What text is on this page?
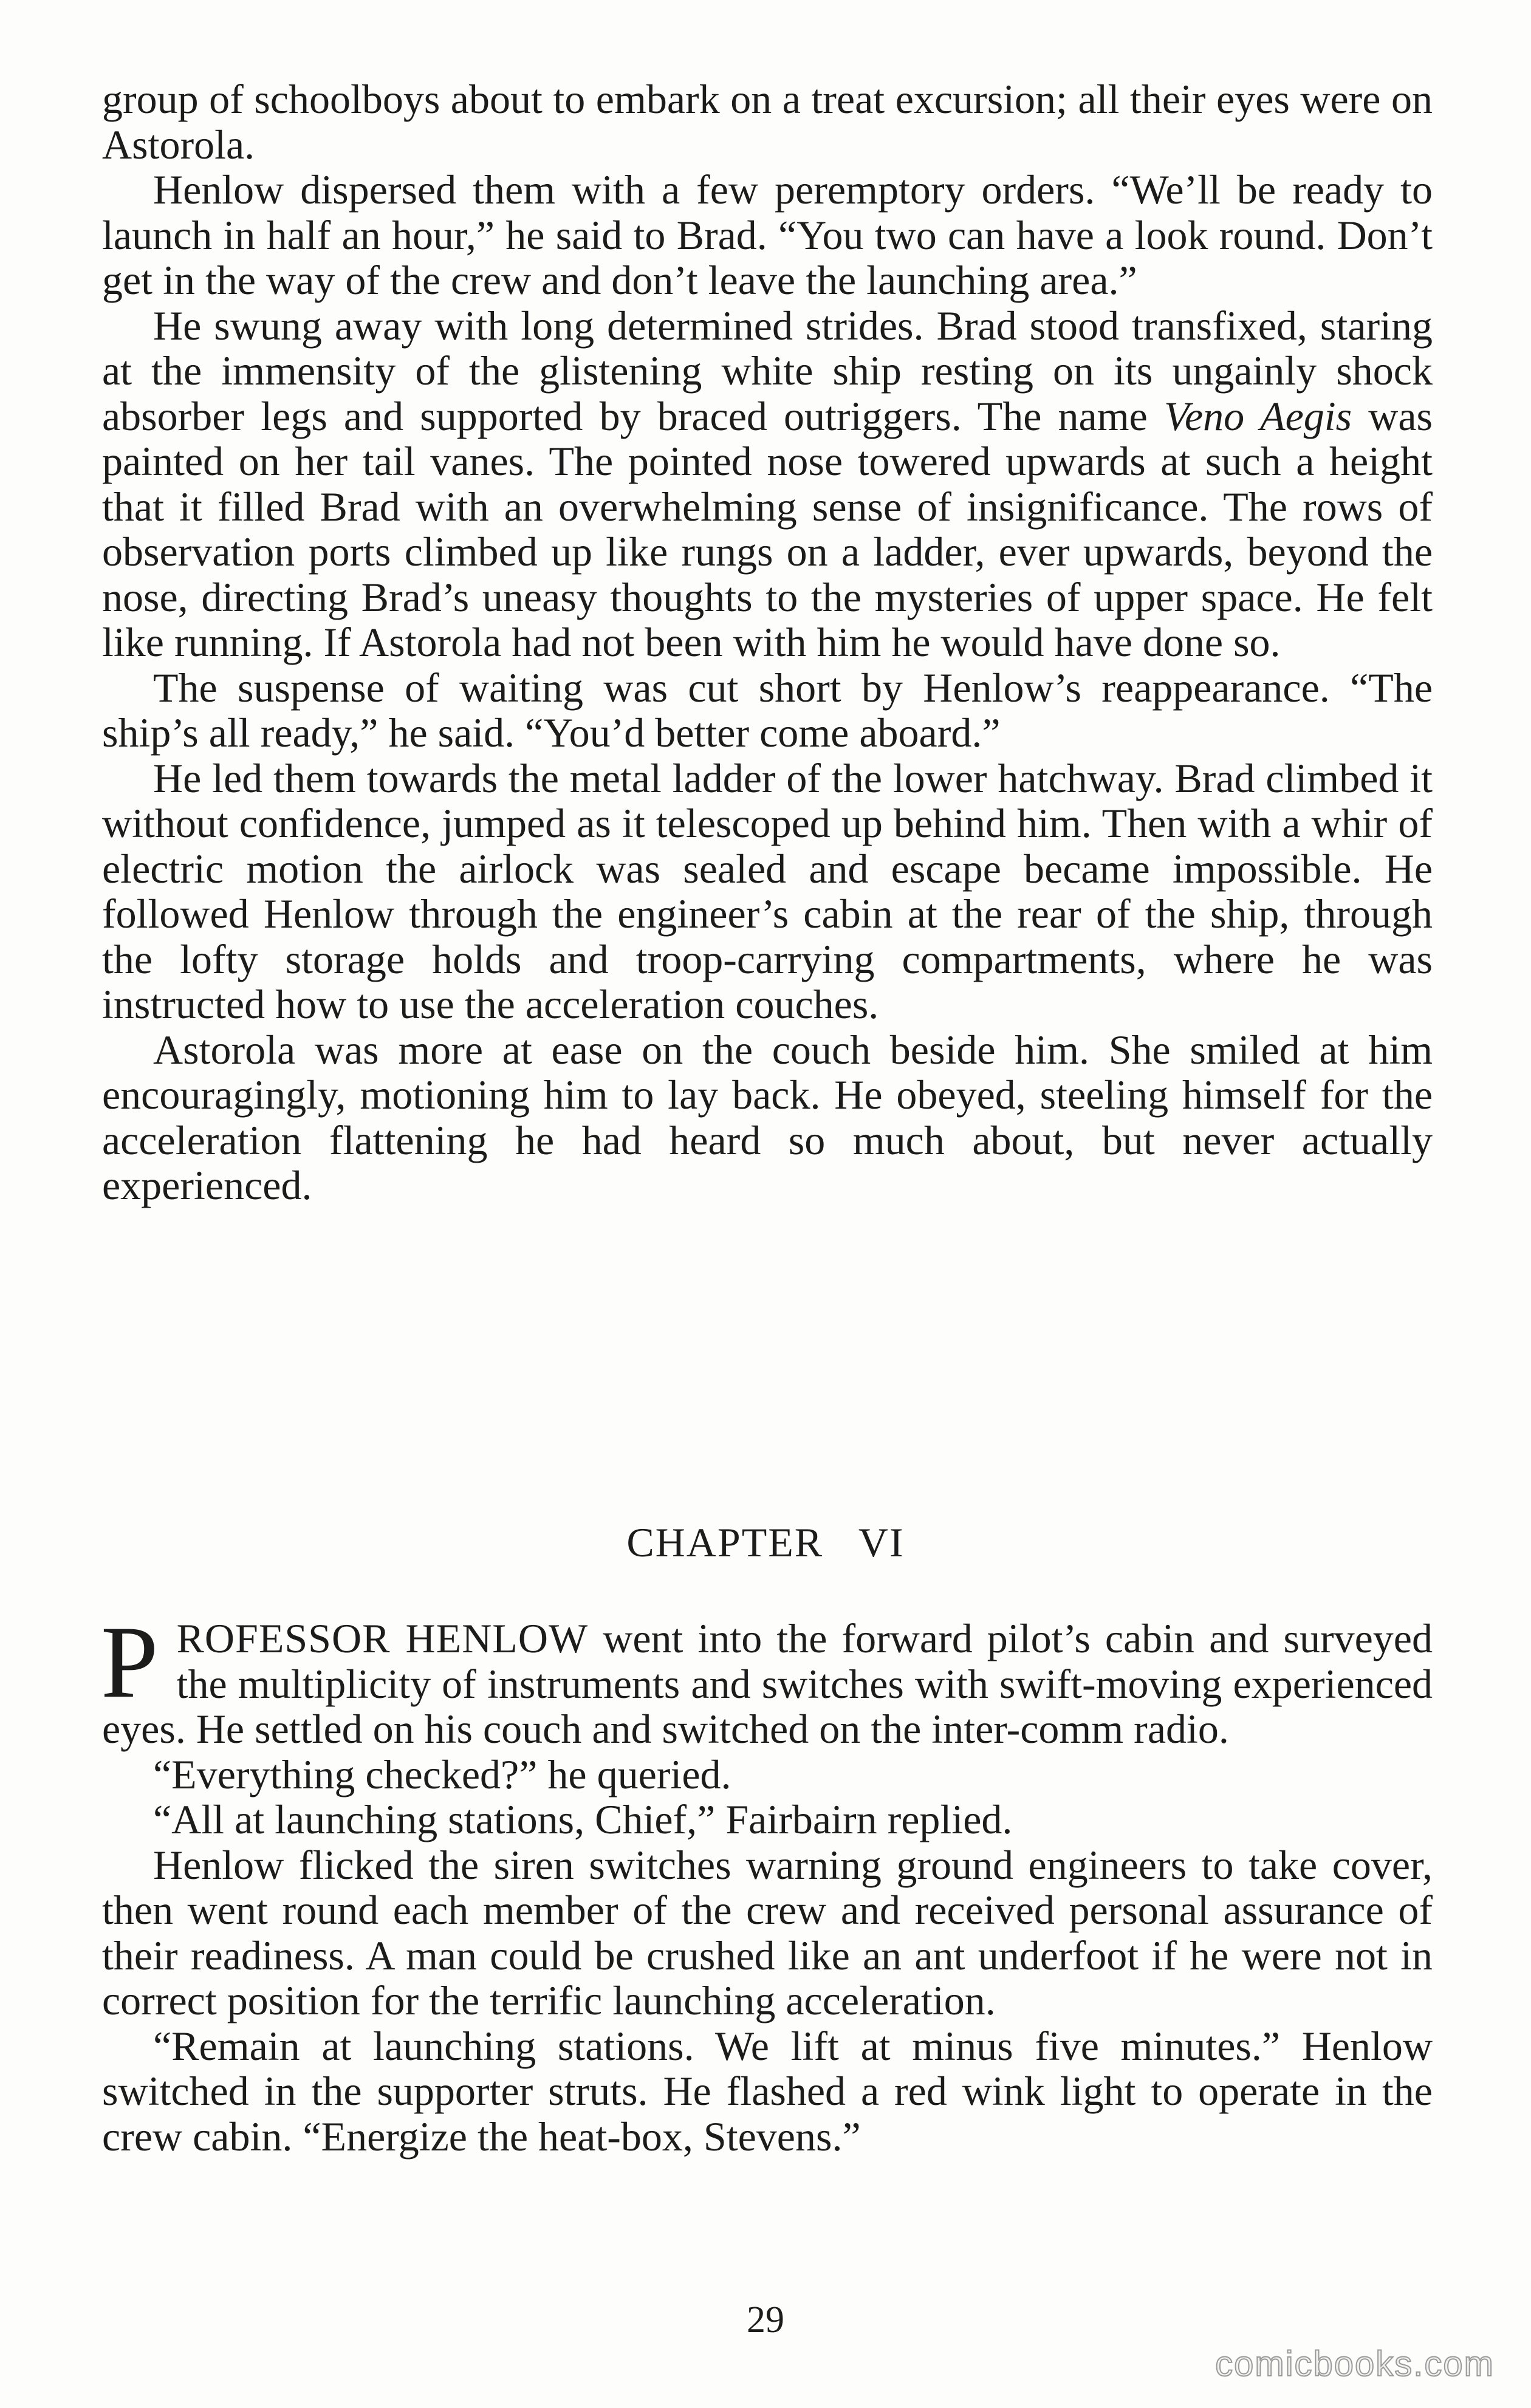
group of schoolboys about to embark on a treat excursion; all their eyes were on Astorola.

Henlow dispersed them with a few peremptory orders. “We’ll be ready to launch in half an hour,” he said to Brad. “You two can have a look round. Don’t get in the way of the crew and don’t leave the launching area.”

He swung away with long determined strides. Brad stood transfixed, staring at the immensity of the glistening white ship resting on its ungainly shock absorber legs and supported by braced outriggers. The name Veno Aegis was painted on her tail vanes. The pointed nose towered upwards at such a height that it filled Brad with an overwhelming sense of insignificance. The rows of observation ports climbed up like rungs on a ladder, ever upwards, beyond the nose, directing Brad’s uneasy thoughts to the mysteries of upper space. He felt like running. If Astorola had not been with him he would have done so.

The suspense of waiting was cut short by Henlow’s reappearance. “The ship’s all ready,” he said. “You’d better come aboard.”

He led them towards the metal ladder of the lower hatchway. Brad climbed it without confidence, jumped as it telescoped up behind him. Then with a whir of electric motion the airlock was sealed and escape became impossible. He followed Henlow through the engineer’s cabin at the rear of the ship, through the lofty storage holds and troop-carrying compartments, where he was instructed how to use the acceleration couches.

Astorola was more at ease on the couch beside him. She smiled at him encouragingly, motioning him to lay back. He obeyed, steeling himself for the acceleration flattening he had heard so much about, but never actually experienced.

CHAPTER VI

PROFESSOR HENLOW went into the forward pilot’s cabin and surveyed the multiplicity of instruments and switches with swift-moving experienced eyes. He settled on his couch and switched on the inter-comm radio.

“Everything checked?” he queried.

“All at launching stations, Chief,” Fairbairn replied.

Henlow flicked the siren switches warning ground engineers to take cover, then went round each member of the crew and received personal assurance of their readiness. A man could be crushed like an ant underfoot if he were not in correct position for the terrific launching acceleration.

“Remain at launching stations. We lift at minus five minutes.” Henlow switched in the supporter struts. He flashed a red wink light to operate in the crew cabin. “Energize the heat-box, Stevens.”

29
comicbooks.com
